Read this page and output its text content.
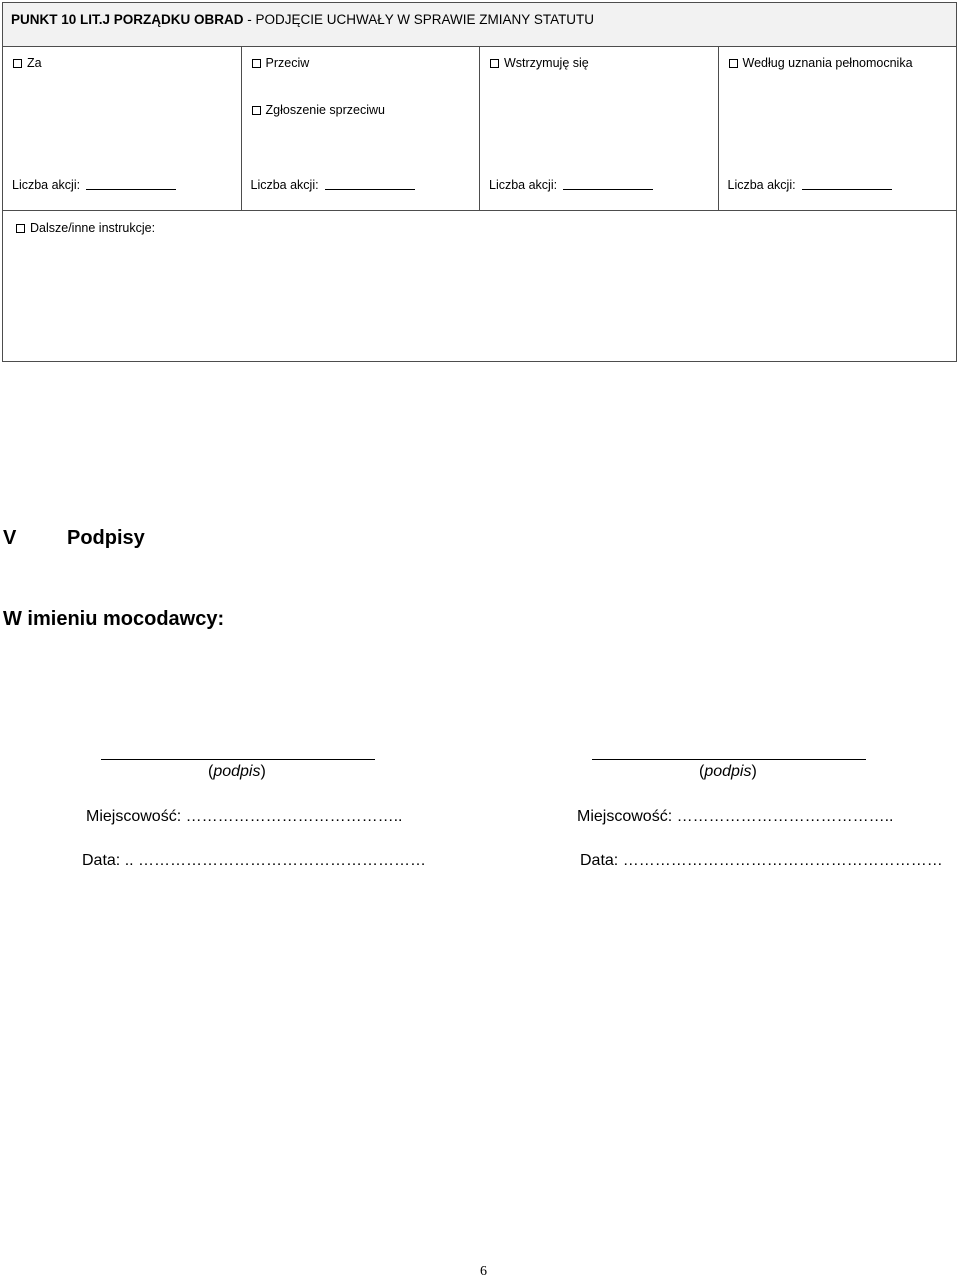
PUNKT 10 LIT.J PORZĄDKU OBRAD - PODJĘCIE UCHWAŁY W SPRAWIE ZMIANY STATUTU

Za
Liczba akcji:

Przeciw
Zgłoszenie sprzeciwu
Liczba akcji:

Wstrzymuję się
Liczba akcji:

Według uznania pełnomocnika
Liczba akcji:

Dalsze/inne instrukcje:
V	Podpisy
W imieniu mocodawcy:
(podpis)	(podpis)
Miejscowość: …………………………………..	Miejscowość: …………………………………..
Data: .. ………………………………………………	Data: ……………………………………………………
6
